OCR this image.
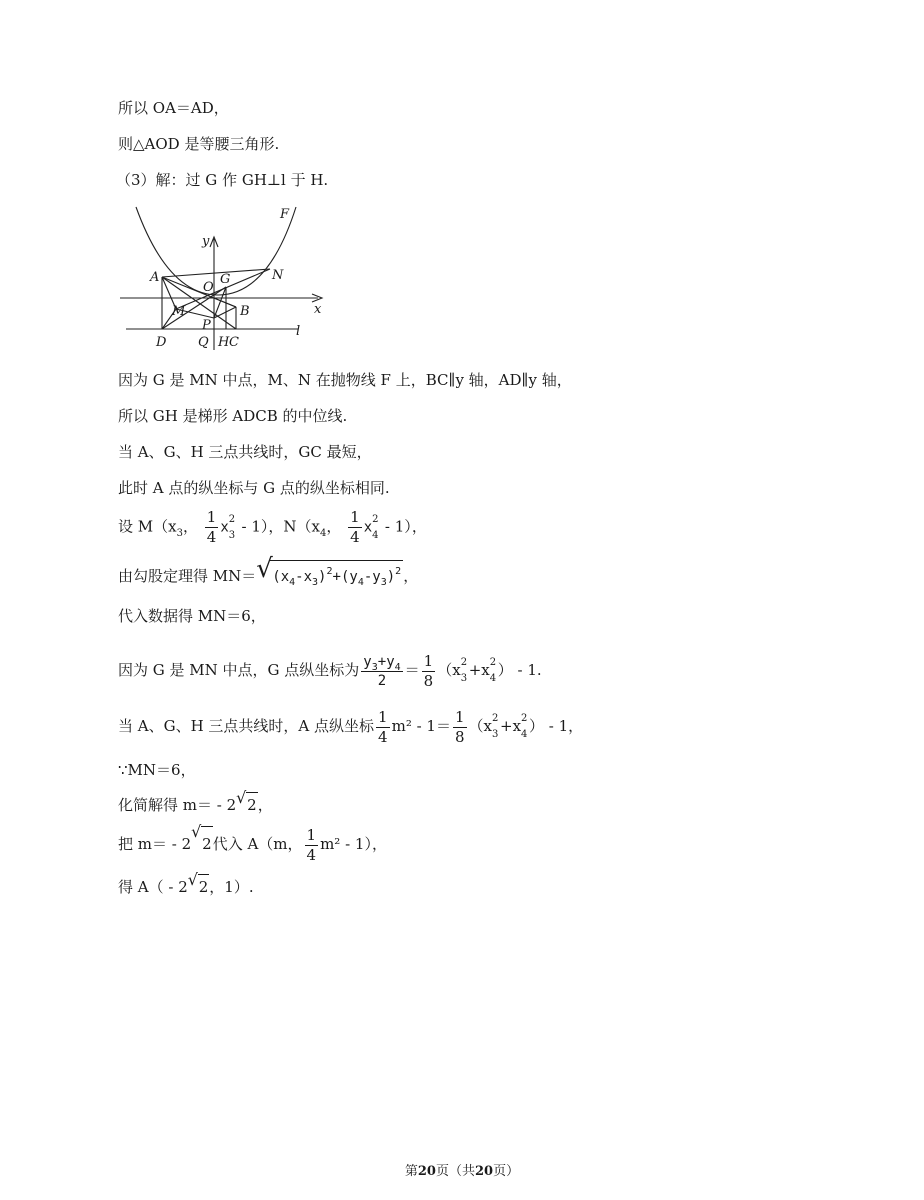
所以 OA＝AD，
则△AOD 是等腰三角形.
（3）解：过 G 作 GH⊥l 于 H.
F
y
A
O
G	N
x
M	B
P	l
D Q H C
因为 G 是 MN 中点，M、N 在抛物线 F 上，BC∥y 轴，AD∥y 轴，
所以 GH 是梯形 ADCB 的中位线.
当 A、G、H 三点共线时，GC 最短，
此时 A 点的纵坐标与 G 点的纵坐标相同.
设 $M(x_3$， $\frac{1}{4}$ x
2
3 - 1），$N(x_4$， $\frac{1}{4}$ x
2
4 - 1），
由勾股定理得 MN＝ √ $(x_4-x_3)^2+(y_4-y_3)^2$ ，
代入数据得 MN＝6，
因为 G 是 MN 中点，G 点纵坐标为 $\frac{y_3+y_4}{2} = \frac{1}{8} (x$ 2
3 +x 2
4 ） - 1.
当 A、G、H 三点共线时，A 点纵坐标 $\frac{1}{4} m^2 - 1= \frac{1}{8} (x$ 2
3 +x 2
4 ） - 1，
∵MN＝6，
化简解得 m＝ - 2 √ 2，
把 m＝ - 2
√
2代入 A（m， $\frac{1}{4} m^2 - 1$），
得 A（ - 2 √ 2，1）.
第20页（共20页）
